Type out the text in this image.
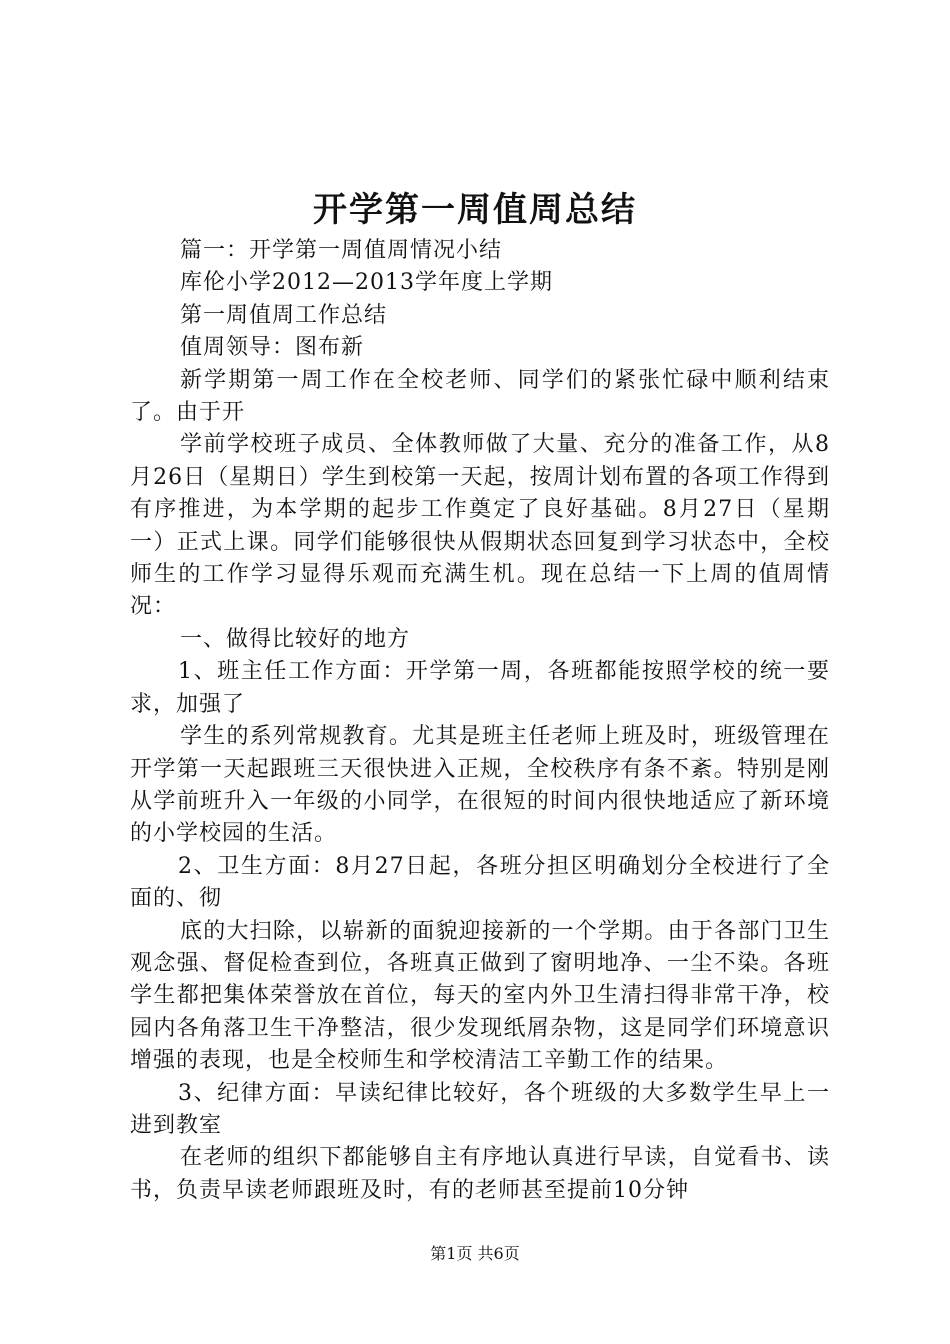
开学第一周值周总结

篇一：开学第一周值周情况小结

库伦小学2012—2013学年度上学期

第一周值周工作总结

值周领导：图布新

新学期第一周工作在全校老师、同学们的紧张忙碌中顺利结束了。由于开

学前学校班子成员、全体教师做了大量、充分的准备工作，从8月26日（星期日）学生到校第一天起，按周计划布置的各项工作得到有序推进，为本学期的起步工作奠定了良好基础。8月27日（星期一）正式上课。同学们能够很快从假期状态回复到学习状态中，全校师生的工作学习显得乐观而充满生机。现在总结一下上周的值周情况：

一、做得比较好的地方

1、班主任工作方面：开学第一周，各班都能按照学校的统一要求，加强了

学生的系列常规教育。尤其是班主任老师上班及时，班级管理在开学第一天起跟班三天很快进入正规，全校秩序有条不紊。特别是刚从学前班升入一年级的小同学，在很短的时间内很快地适应了新环境的小学校园的生活。

2、卫生方面：8月27日起，各班分担区明确划分全校进行了全面的、彻

底的大扫除，以崭新的面貌迎接新的一个学期。由于各部门卫生观念强、督促检查到位，各班真正做到了窗明地净、一尘不染。各班学生都把集体荣誉放在首位，每天的室内外卫生清扫得非常干净，校园内各角落卫生干净整洁，很少发现纸屑杂物，这是同学们环境意识增强的表现，也是全校师生和学校清洁工辛勤工作的结果。

3、纪律方面：早读纪律比较好，各个班级的大多数学生早上一进到教室

在老师的组织下都能够自主有序地认真进行早读，自觉看书、读书，负责早读老师跟班及时，有的老师甚至提前10分钟

第1页 共6页
